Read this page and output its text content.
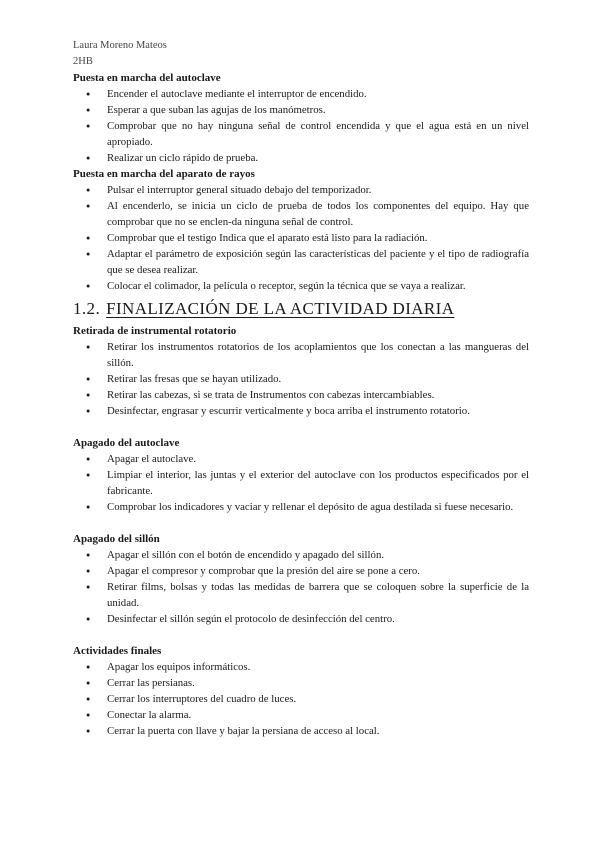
Laura Moreno Mateos
2HB
Puesta en marcha del autoclave
● Encender el autoclave mediante el interruptor de encendido.
● Esperar a que suban las agujas de los manómetros.
● Comprobar que no hay ninguna señal de control encendida y que el agua está en un nivel apropiado.
● Realizar un ciclo rápido de prueba.
Puesta en marcha del aparato de rayos
● Pulsar el interruptor general situado debajo del temporizador.
● Al encenderlo, se inicia un ciclo de prueba de todos los componentes del equipo. Hay que comprobar que no se enclen-da ninguna señal de control.
● Comprobar que el testigo Indica que el aparato está listo para la radiación.
● Adaptar el parámetro de exposición según las características del paciente y el tipo de radiografía que se desea realizar.
● Colocar el colimador, la película o receptor, según la técnica que se vaya a realizar.
1.2. FINALIZACIÓN DE LA ACTIVIDAD DIARIA
Retirada de instrumental rotatorio
● Retirar los instrumentos rotatorios de los acoplamientos que los conectan a las mangueras del sillón.
● Retirar las fresas que se hayan utilizado.
● Retirar las cabezas, si se trata de Instrumentos con cabezas intercambiables.
● Desinfectar, engrasar y escurrir verticalmente y boca arriba el instrumento rotatorio.
Apagado del autoclave
● Apagar el autoclave.
● Limpiar el interior, las juntas y el exterior del autoclave con los productos especificados por el fabricante.
● Comprobar los indicadores y vaciar y rellenar el depósito de agua destilada si fuese necesario.
Apagado del sillón
● Apagar el sillón con el botón de encendido y apagado del sillón.
● Apagar el compresor y comprobar que la presión del aire se pone a cero.
● Retirar films, bolsas y todas las medidas de barrera que se coloquen sobre la superficie de la unidad.
● Desinfectar el sillón según el protocolo de desinfección del centro.
Actividades finales
● Apagar los equipos informáticos.
● Cerrar las persianas.
● Cerrar los interruptores del cuadro de luces.
● Conectar la alarma.
● Cerrar la puerta con llave y bajar la persiana de acceso al local.
